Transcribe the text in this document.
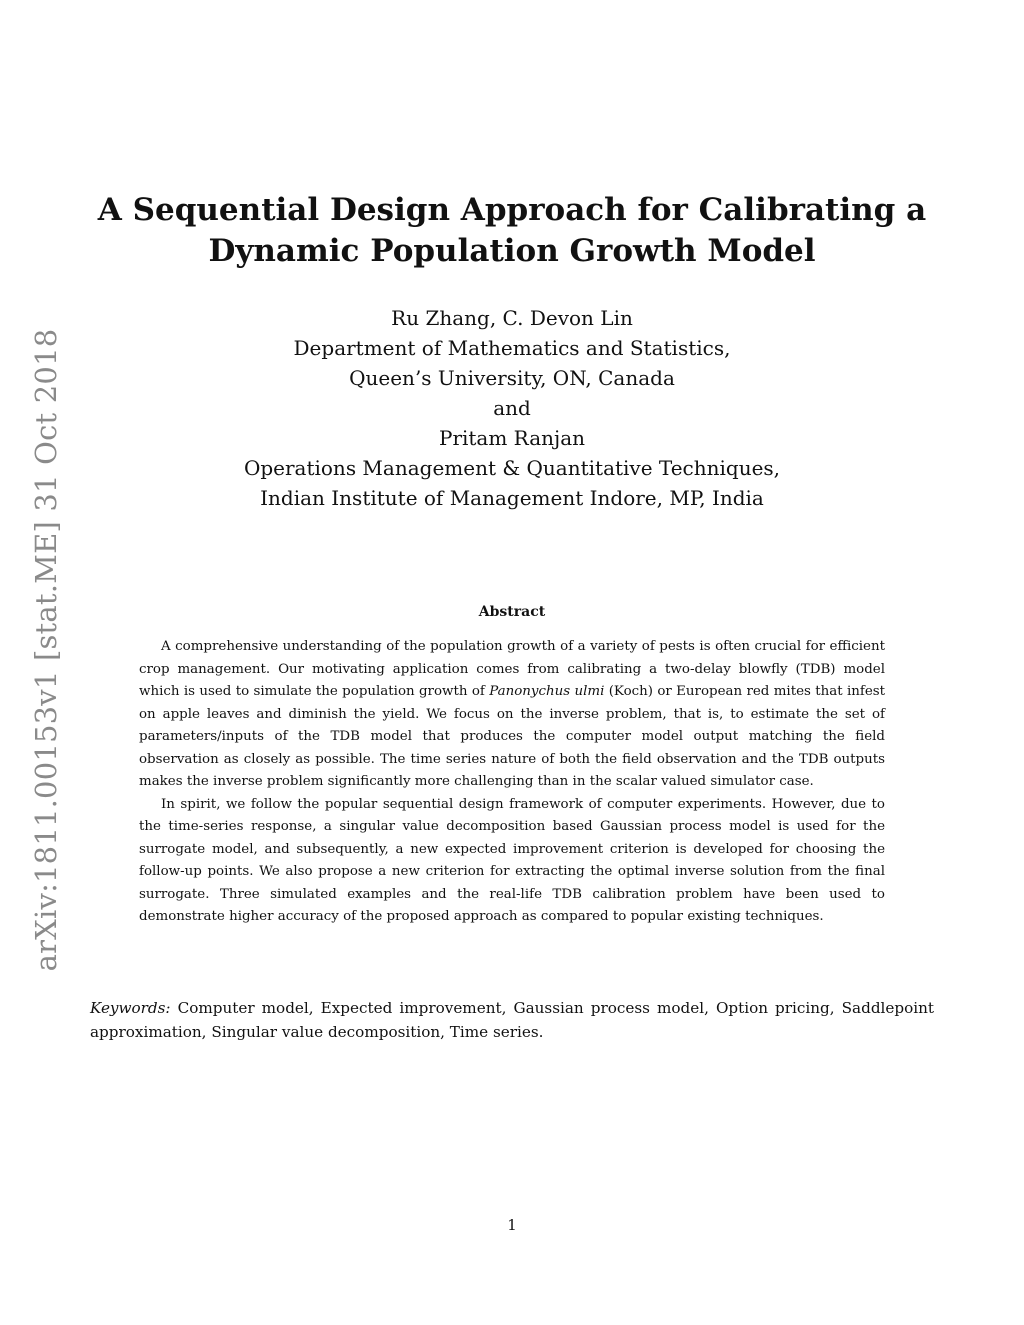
arXiv:1811.00153v1 [stat.ME] 31 Oct 2018
A Sequential Design Approach for Calibrating a
Dynamic Population Growth Model
Ru Zhang, C. Devon Lin
Department of Mathematics and Statistics,
Queen’s University, ON, Canada
and
Pritam Ranjan
Operations Management & Quantitative Techniques,
Indian Institute of Management Indore, MP, India
Abstract

A comprehensive understanding of the population growth of a variety of pests is often crucial for efficient crop management. Our motivating application comes from calibrating a two-delay blowfly (TDB) model which is used to simulate the population growth of Panonychus ulmi (Koch) or European red mites that infest on apple leaves and diminish the yield. We focus on the inverse problem, that is, to estimate the set of parameters/inputs of the TDB model that produces the computer model output matching the field observation as closely as possible. The time series nature of both the field observation and the TDB outputs makes the inverse problem significantly more challenging than in the scalar valued simulator case.

In spirit, we follow the popular sequential design framework of computer experiments. However, due to the time-series response, a singular value decomposition based Gaussian process model is used for the surrogate model, and subsequently, a new expected improvement criterion is developed for choosing the follow-up points. We also propose a new criterion for extracting the optimal inverse solution from the final surrogate. Three simulated examples and the real-life TDB calibration problem have been used to demonstrate higher accuracy of the proposed approach as compared to popular existing techniques.

Keywords: Computer model, Expected improvement, Gaussian process model, Option pricing, Saddlepoint approximation, Singular value decomposition, Time series.
1
